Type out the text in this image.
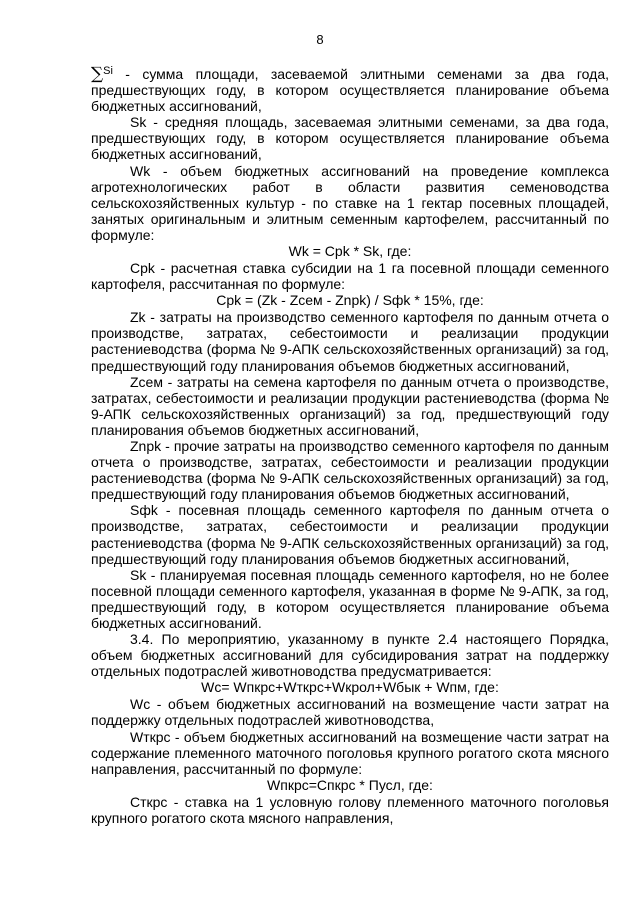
8

∑$^{Si}$ - сумма площади, засеваемой элитными семенами за два года, предшествующих году, в котором осуществляется планирование объема бюджетных ассигнований,

Sk - средняя площадь, засеваемая элитными семенами, за два года, предшествующих году, в котором осуществляется планирование объема бюджетных ассигнований,

Wk - объем бюджетных ассигнований на проведение комплекса агротехнологических работ в области развития семеноводства сельскохозяйственных культур - по ставке на 1 гектар посевных площадей, занятых оригинальным и элитным семенным картофелем, рассчитанный по формуле:

Wk = Cpk * Sk, где:

Cpk - расчетная ставка субсидии на 1 га посевной площади семенного картофеля, рассчитанная по формуле:

Cpk = (Zk - Zсем - Znpk) / Sфk * 15%, где:

Zk - затраты на производство семенного картофеля по данным отчета о производстве, затратах, себестоимости и реализации продукции растениеводства (форма № 9-АПК сельскохозяйственных организаций) за год, предшествующий году планирования объемов бюджетных ассигнований,

Zсем - затраты на семена картофеля по данным отчета о производстве, затратах, себестоимости и реализации продукции растениеводства (форма № 9-АПК сельскохозяйственных организаций) за год, предшествующий году планирования объемов бюджетных ассигнований,

Znpk - прочие затраты на производство семенного картофеля по данным отчета о производстве, затратах, себестоимости и реализации продукции растениеводства (форма № 9-АПК сельскохозяйственных организаций) за год, предшествующий году планирования объемов бюджетных ассигнований,

Sфk - посевная площадь семенного картофеля по данным отчета о производстве, затратах, себестоимости и реализации продукции растениеводства (форма № 9-АПК сельскохозяйственных организаций) за год, предшествующий году планирования объемов бюджетных ассигнований,

Sk - планируемая посевная площадь семенного картофеля, но не более посевной площади семенного картофеля, указанная в форме № 9-АПК, за год, предшествующий году, в котором осуществляется планирование объема бюджетных ассигнований.

3.4. По мероприятию, указанному в пункте 2.4 настоящего Порядка, объем бюджетных ассигнований для субсидирования затрат на поддержку отдельных подотраслей животноводства предусматривается:

Wc= Wпкрс+Wткрс+Wкрол+Wбык + Wпм, где:

Wc - объем бюджетных ассигнований на возмещение части затрат на поддержку отдельных подотраслей животноводства,

Wткрс - объем бюджетных ассигнований на возмещение части затрат на содержание племенного маточного поголовья крупного рогатого скота мясного направления, рассчитанный по формуле:

Wпкрс=Спкрс * Пусл, где:

Сткрс - ставка на 1 условную голову племенного маточного поголовья крупного рогатого скота мясного направления,
